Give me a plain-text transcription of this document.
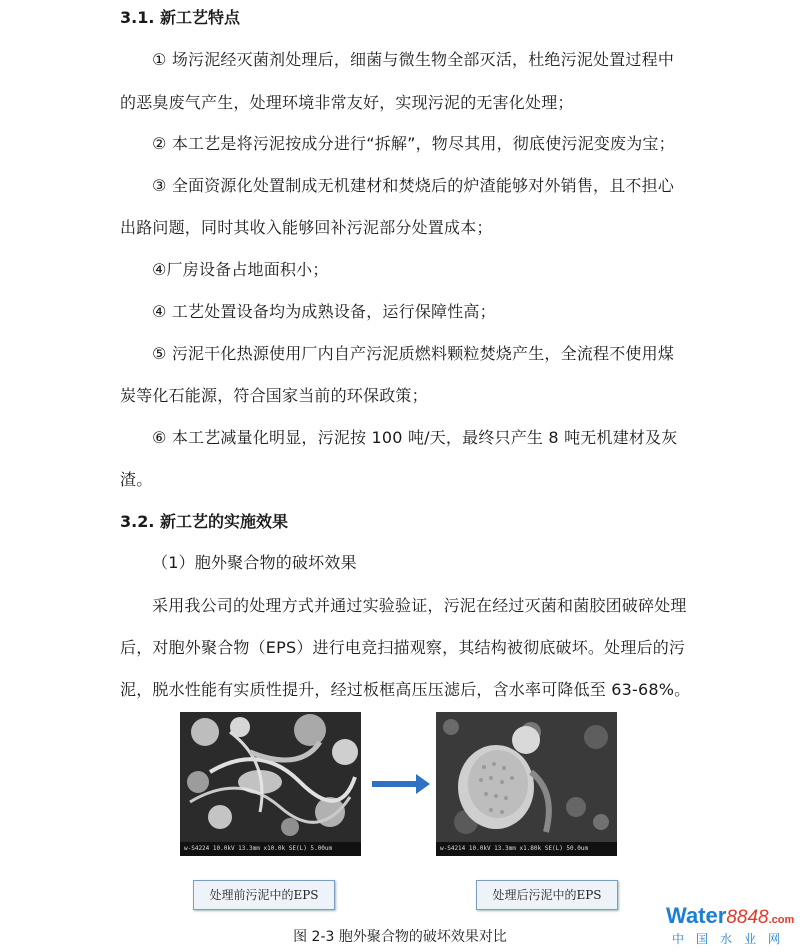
3.1. 新工艺特点
① 场污泥经灭菌剂处理后，细菌与微生物全部灭活，杜绝污泥处置过程中
的恶臭废气产生，处理环境非常友好，实现污泥的无害化处理；
② 本工艺是将污泥按成分进行“拆解”，物尽其用，彻底使污泥变废为宝；
③ 全面资源化处置制成无机建材和焚烧后的炉渣能够对外销售，且不担心
出路问题，同时其收入能够回补污泥部分处置成本；
④厂房设备占地面积小；
④ 工艺处置设备均为成熟设备，运行保障性高；
⑤ 污泥干化热源使用厂内自产污泥质燃料颗粒焚烧产生，全流程不使用煤
炭等化石能源，符合国家当前的环保政策；
⑥ 本工艺减量化明显，污泥按 100 吨/天，最终只产生 8 吨无机建材及灰
渣。
3.2. 新工艺的实施效果
（1）胞外聚合物的破坏效果
采用我公司的处理方式并通过实验验证，污泥在经过灭菌和菌胶团破碎处理
后，对胞外聚合物（EPS）进行电竞扫描观察，其结构被彻底破坏。处理后的污
泥，脱水性能有实质性提升，经过板框高压压滤后，含水率可降低至 63-68%。
w-S4224 10.0kV 13.3mm x10.0k SE(L) 5.00um	w-S4214 10.0kV 13.3mm x1.80k SE(L) 50.0um
处理前污泥中的EPS	处理后污泥中的EPS
图 2-3 胞外聚合物的破坏效果对比
Water8848.com
中国水业网
